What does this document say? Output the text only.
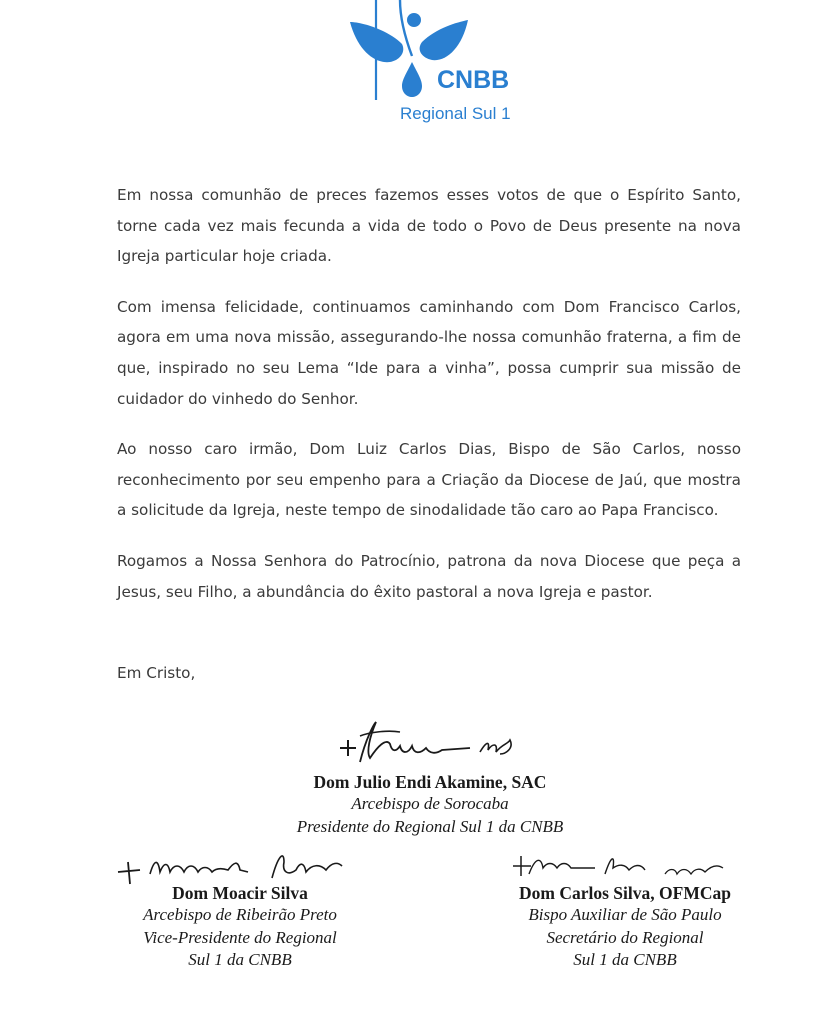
CNBB
Regional Sul 1

Em nossa comunhão de preces fazemos esses votos de que o Espírito Santo, torne cada vez mais fecunda a vida de todo o Povo de Deus presente na nova Igreja particular hoje criada.

Com imensa felicidade, continuamos caminhando com Dom Francisco Carlos, agora em uma nova missão, assegurando-lhe nossa comunhão fraterna, a fim de que, inspirado no seu Lema “Ide para a vinha”, possa cumprir sua missão de cuidador do vinhedo do Senhor.

Ao nosso caro irmão, Dom Luiz Carlos Dias, Bispo de São Carlos, nosso reconhecimento por seu empenho para a Criação da Diocese de Jaú, que mostra a solicitude da Igreja, neste tempo de sinodalidade tão caro ao Papa Francisco.

Rogamos a Nossa Senhora do Patrocínio, patrona da nova Diocese que peça a Jesus, seu Filho, a abundância do êxito pastoral a nova Igreja e pastor.

Em Cristo,
Dom Julio Endi Akamine, SAC
Arcebispo de Sorocaba
Presidente do Regional Sul 1 da CNBB
Dom Moacir Silva
Arcebispo de Ribeirão Preto
Vice-Presidente do Regional
Sul 1 da CNBB
Dom Carlos Silva, OFMCap
Bispo Auxiliar de São Paulo
Secretário do Regional
Sul 1 da CNBB
